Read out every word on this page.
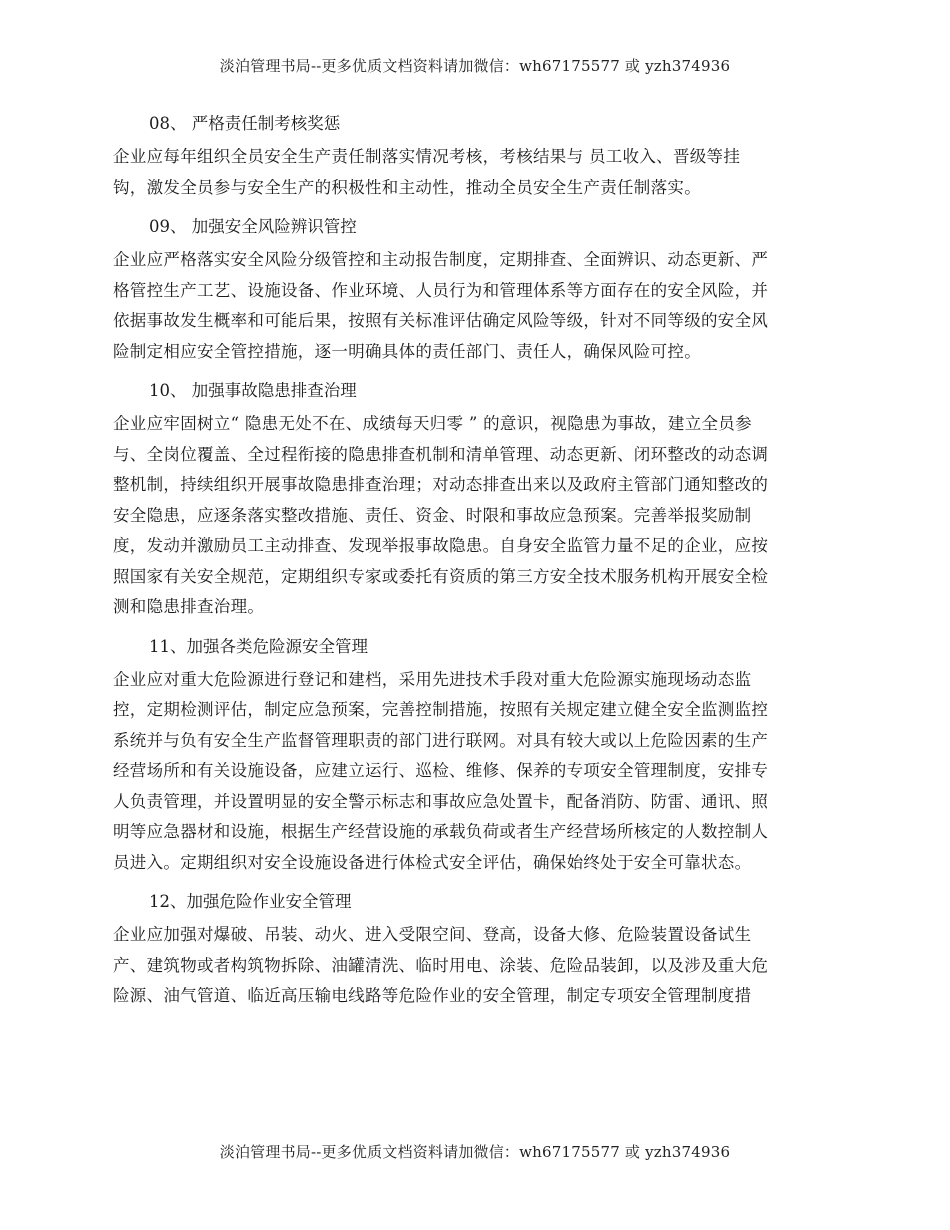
淡泊管理书局--更多优质文档资料请加微信：wh67175577 或 yzh374936
08、 严格责任制考核奖惩
企业应每年组织全员安全生产责任制落实情况考核，考核结果与 员工收入、晋级等挂
钩，激发全员参与安全生产的积极性和主动性，推动全员安全生产责任制落实。
09、 加强安全风险辨识管控
企业应严格落实安全风险分级管控和主动报告制度，定期排查、全面辨识、动态更新、严
格管控生产工艺、设施设备、作业环境、人员行为和管理体系等方面存在的安全风险，并
依据事故发生概率和可能后果，按照有关标准评估确定风险等级，针对不同等级的安全风
险制定相应安全管控措施，逐一明确具体的责任部门、责任人，确保风险可控。
10、 加强事故隐患排查治理
企业应牢固树立“ 隐患无处不在、成绩每天归零 ” 的意识，视隐患为事故，建立全员参
与、全岗位覆盖、全过程衔接的隐患排查机制和清单管理、动态更新、闭环整改的动态调
整机制，持续组织开展事故隐患排查治理；对动态排查出来以及政府主管部门通知整改的
安全隐患，应逐条落实整改措施、责任、资金、时限和事故应急预案。完善举报奖励制
度，发动并激励员工主动排查、发现举报事故隐患。自身安全监管力量不足的企业，应按
照国家有关安全规范，定期组织专家或委托有资质的第三方安全技术服务机构开展安全检
测和隐患排查治理。
11、加强各类危险源安全管理
企业应对重大危险源进行登记和建档，采用先进技术手段对重大危险源实施现场动态监
控，定期检测评估，制定应急预案，完善控制措施，按照有关规定建立健全安全监测监控
系统并与负有安全生产监督管理职责的部门进行联网。对具有较大或以上危险因素的生产
经营场所和有关设施设备，应建立运行、巡检、维修、保养的专项安全管理制度，安排专
人负责管理，并设置明显的安全警示标志和事故应急处置卡，配备消防、防雷、通讯、照
明等应急器材和设施，根据生产经营设施的承载负荷或者生产经营场所核定的人数控制人
员进入。定期组织对安全设施设备进行体检式安全评估，确保始终处于安全可靠状态。
12、加强危险作业安全管理
企业应加强对爆破、吊装、动火、进入受限空间、登高，设备大修、危险装置设备试生
产、建筑物或者构筑物拆除、油罐清洗、临时用电、涂装、危险品装卸，以及涉及重大危
险源、油气管道、临近高压输电线路等危险作业的安全管理，制定专项安全管理制度措
淡泊管理书局--更多优质文档资料请加微信：wh67175577 或 yzh374936
